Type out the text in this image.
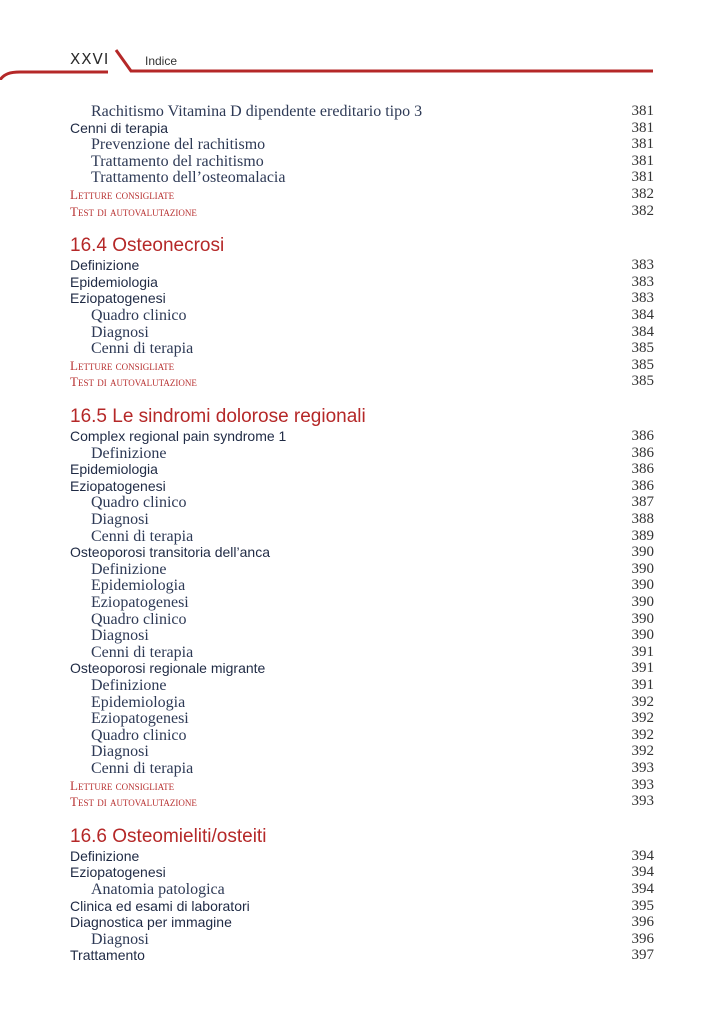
XXVI	Indice
Rachitismo Vitamina D dipendente ereditario tipo 3	381
Cenni di terapia	381
Prevenzione del rachitismo	381
Trattamento del rachitismo	381
Trattamento dell’osteomalacia	381
Letture consigliate	382
Test di autovalutazione	382
16.4 Osteonecrosi
Definizione	383
Epidemiologia	383
Eziopatogenesi	383
Quadro clinico	384
Diagnosi	384
Cenni di terapia	385
Letture consigliate	385
Test di autovalutazione	385
16.5 Le sindromi dolorose regionali
Complex regional pain syndrome 1	386
Definizione	386
Epidemiologia	386
Eziopatogenesi	386
Quadro clinico	387
Diagnosi	388
Cenni di terapia	389
Osteoporosi transitoria dell’anca	390
Definizione	390
Epidemiologia	390
Eziopatogenesi	390
Quadro clinico	390
Diagnosi	390
Cenni di terapia	391
Osteoporosi regionale migrante	391
Definizione	391
Epidemiologia	392
Eziopatogenesi	392
Quadro clinico	392
Diagnosi	392
Cenni di terapia	393
Letture consigliate	393
Test di autovalutazione	393
16.6 Osteomieliti/osteiti
Definizione	394
Eziopatogenesi	394
Anatomia patologica	394
Clinica ed esami di laboratori	395
Diagnostica per immagine	396
Diagnosi	396
Trattamento	397
